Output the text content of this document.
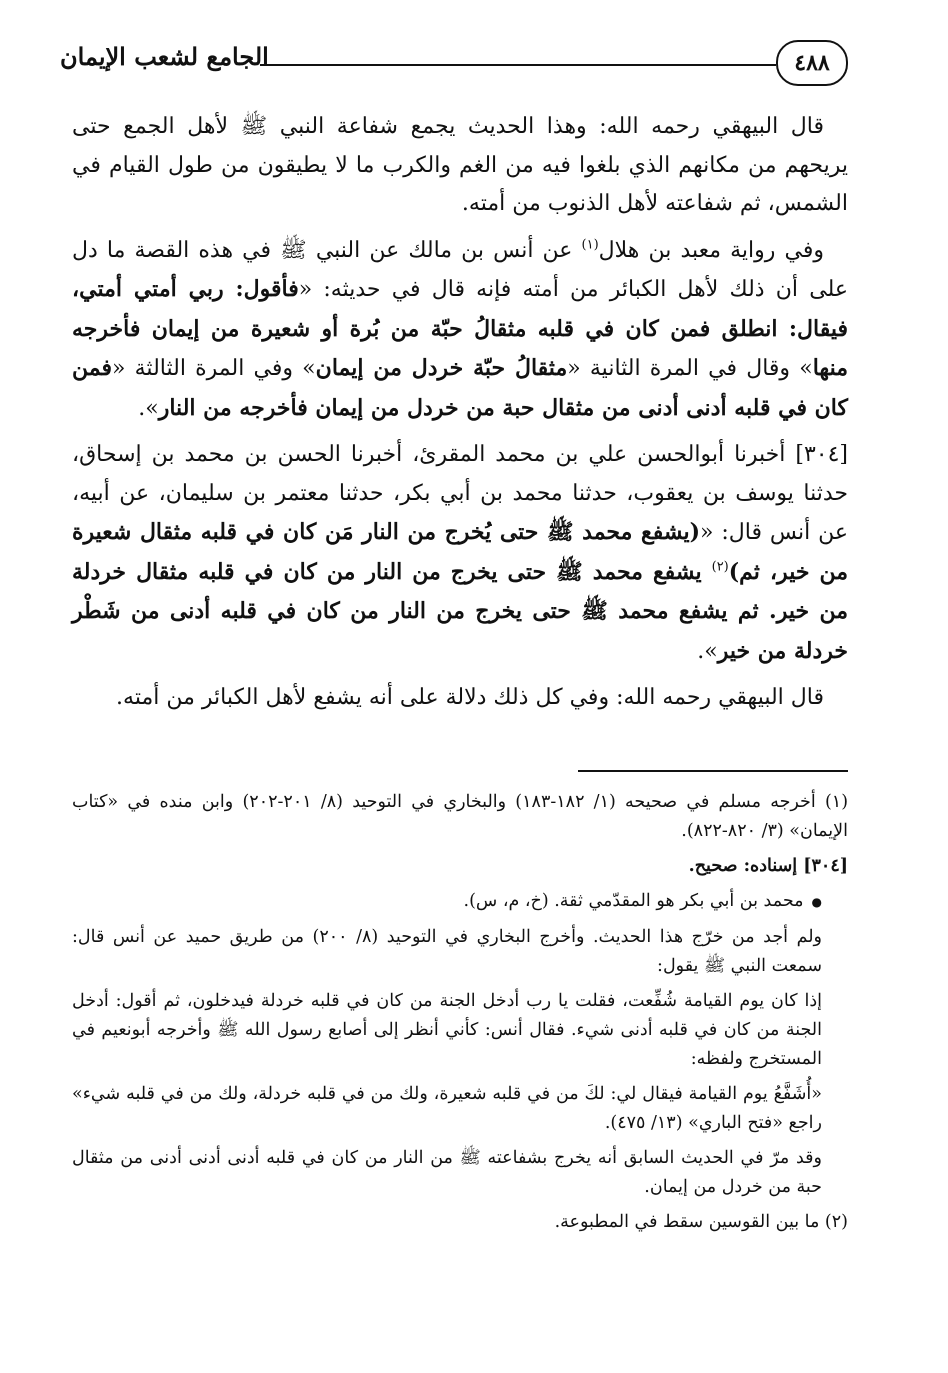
٤٨٨
الجامع لشعب الإيمان

قال البيهقي رحمه الله: وهذا الحديث يجمع شفاعة النبي ﷺ لأهل الجمع حتى يريحهم من مكانهم الذي بلغوا فيه من الغم والكرب ما لا يطيقون من طول القيام في الشمس، ثم شفاعته لأهل الذنوب من أمته.

وفي رواية معبد بن هلال$^{(١)}$ عن أنس بن مالك عن النبي ﷺ في هذه القصة ما دل على أن ذلك لأهل الكبائر من أمته فإنه قال في حديثه: «فأقول: ربي أمتي أمتي، فيقال: انطلق فمن كان في قلبه مثقالُ حبّة من بُرة أو شعيرة من إيمان فأخرجه منها» وقال في المرة الثانية «مثقالُ حبّة خردل من إيمان» وفي المرة الثالثة «فمن كان في قلبه أدنى أدنى من مثقال حبة من خردل من إيمان فأخرجه من النار».

[٣٠٤] أخبرنا أبوالحسن علي بن محمد المقرئ، أخبرنا الحسن بن محمد بن إسحاق، حدثنا يوسف بن يعقوب، حدثنا محمد بن أبي بكر، حدثنا معتمر بن سليمان، عن أبيه، عن أنس قال: «(يشفع محمد ﷺ حتى يُخرج من النار مَن كان في قلبه مثقال شعيرة من خير، ثم)$^{(٢)}$ يشفع محمد ﷺ حتى يخرج من النار من كان في قلبه مثقال خردلة من خير. ثم يشفع محمد ﷺ حتى يخرج من النار من كان في قلبه أدنى من شَطْر خردلة من خير».

قال البيهقي رحمه الله: وفي كل ذلك دلالة على أنه يشفع لأهل الكبائر من أمته.

(١) أخرجه مسلم في صحيحه (١/ ١٨٢-١٨٣) والبخاري في التوحيد (٨/ ٢٠١-٢٠٢) وابن منده في «كتاب الإيمان» (٣/ ٨٢٠-٨٢٢).

[٣٠٤] إسناده: صحيح.

● محمد بن أبي بكر هو المقدّمي ثقة. (خ، م، س).

ولم أجد من خرّج هذا الحديث. وأخرج البخاري في التوحيد (٨/ ٢٠٠) من طريق حميد عن أنس قال: سمعت النبي ﷺ يقول:

إذا كان يوم القيامة شُفِّعت، فقلت يا رب أدخل الجنة من كان في قلبه خردلة فيدخلون، ثم أقول: أدخل الجنة من كان في قلبه أدنى شيء. فقال أنس: كأني أنظر إلى أصابع رسول الله ﷺ وأخرجه أبونعيم في المستخرج ولفظه:

«أُشَفَّعُ يوم القيامة فيقال لي: لكَ من في قلبه شعيرة، ولك من في قلبه خردلة، ولك من في قلبه شيء» راجع «فتح الباري» (١٣/ ٤٧٥).

وقد مرّ في الحديث السابق أنه يخرج بشفاعته ﷺ من النار من كان في قلبه أدنى أدنى أدنى من مثقال حبة من خردل من إيمان.

(٢) ما بين القوسين سقط في المطبوعة.
